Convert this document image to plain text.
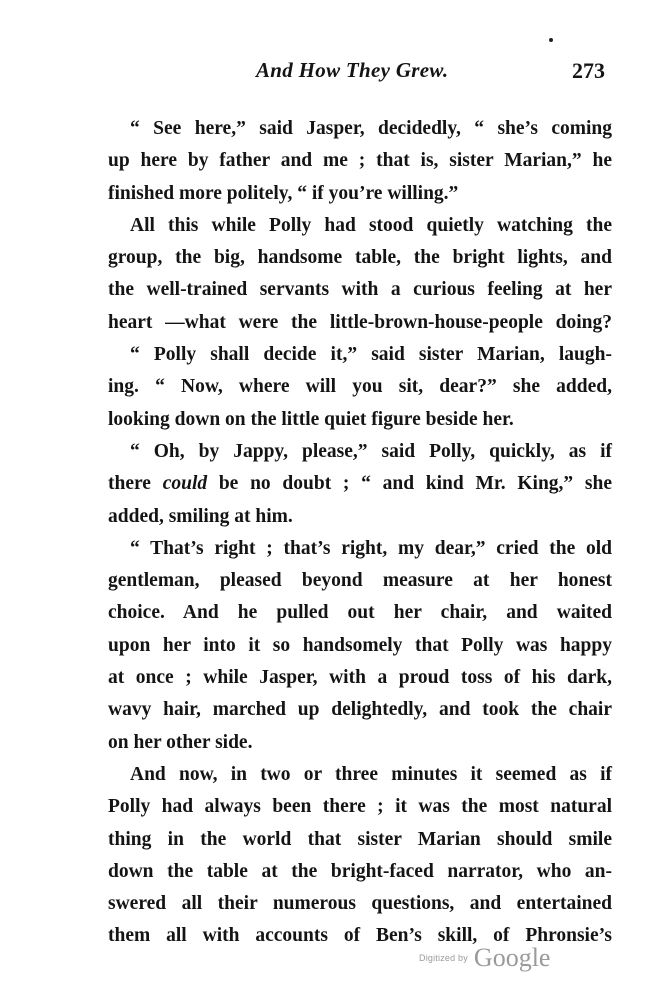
And How They Grew.	273
“ See here,” said Jasper, decidedly, “ she’s coming
up here by father and me ; that is, sister Marian,” he
finished more politely, “ if you’re willing.”
All this while Polly had stood quietly watching the
group, the big, handsome table, the bright lights, and
the well-trained servants with a curious feeling at her
heart —what were the little-brown-house-people doing?
“ Polly shall decide it,” said sister Marian, laugh-
ing. “ Now, where will you sit, dear?” she added,
looking down on the little quiet figure beside her.
“ Oh, by Jappy, please,” said Polly, quickly, as if
there could be no doubt ; “ and kind Mr. King,” she
added, smiling at him.
“ That’s right ; that’s right, my dear,” cried the old
gentleman, pleased beyond measure at her honest
choice. And he pulled out her chair, and waited
upon her into it so handsomely that Polly was happy
at once ; while Jasper, with a proud toss of his dark,
wavy hair, marched up delightedly, and took the chair
on her other side.
And now, in two or three minutes it seemed as if
Polly had always been there ; it was the most natural
thing in the world that sister Marian should smile
down the table at the bright-faced narrator, who an-
swered all their numerous questions, and entertained
them all with accounts of Ben’s skill, of Phronsie’s
Digitized by Google
